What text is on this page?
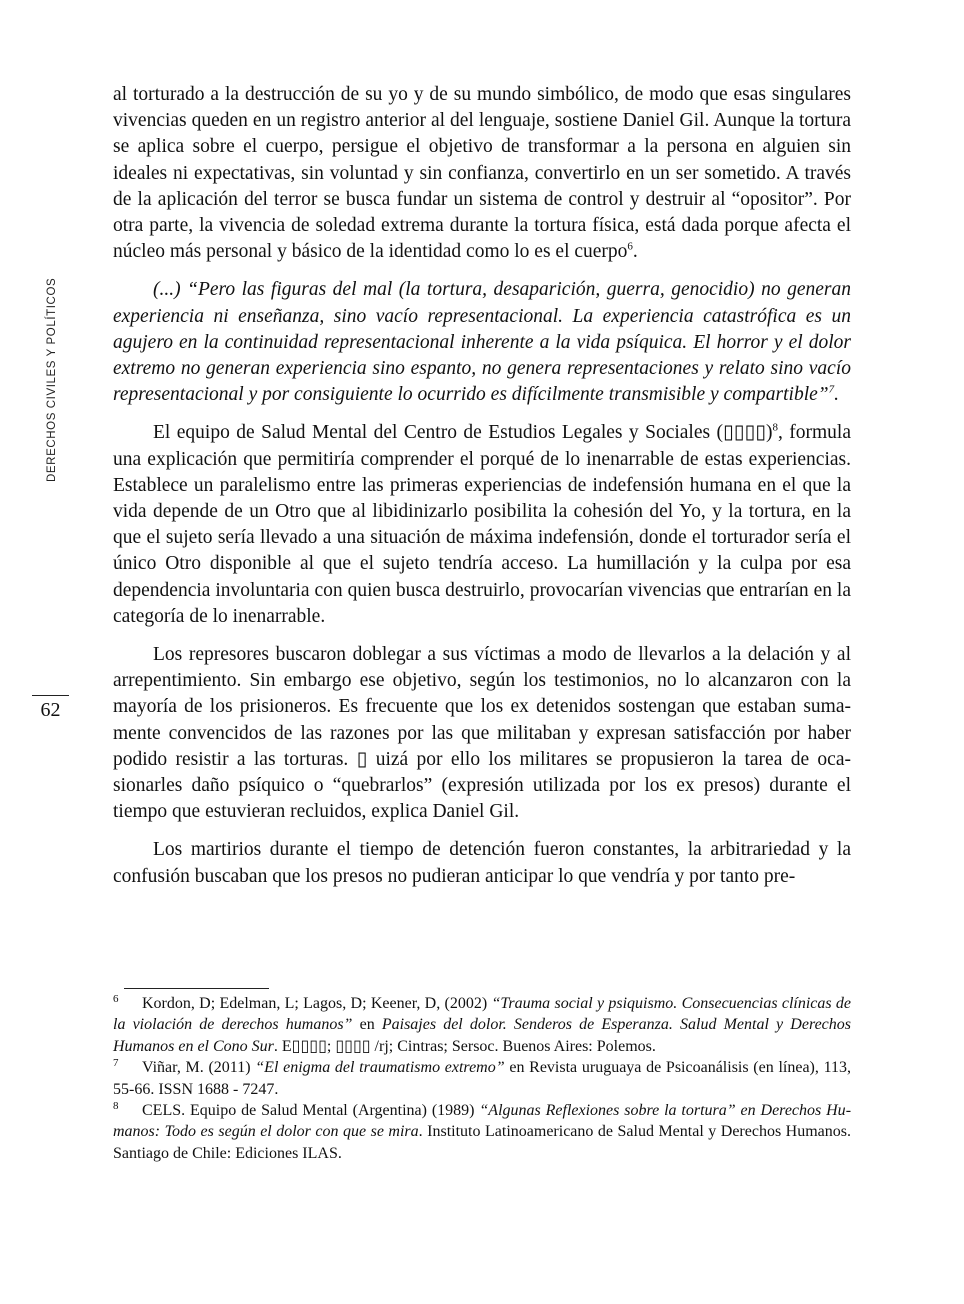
DERECHOS CIVILES Y POLÍTICOS
62

al torturado a la destrucción de su yo y de su mundo simbólico, de modo que esas singulares vivencias queden en un registro anterior al del lenguaje, sostiene Daniel Gil. Aunque la tortura se aplica sobre el cuerpo, persigue el objetivo de transformar a la persona en alguien sin ideales ni expectativas, sin voluntad y sin confianza, convertirlo en un ser sometido. A través de la aplicación del terror se busca fundar un sistema de control y destruir al “opositor”. Por otra parte, la vivencia de soledad extrema durante la tortura física, está dada porque afecta el núcleo más personal y básico de la identidad como lo es el cuerpo$^6$.

(...) “Pero las figuras del mal (la tortura, desaparición, guerra, genocidio) no generan experiencia ni enseñanza, sino vacío representacional. La experiencia catastrófica es un agujero en la continuidad representacional inherente a la vida psíquica. El horror y el dolor extremo no generan experiencia sino espanto, no genera representaciones y relato sino vacío representacional y por consiguiente lo ocurrido es difícilmente transmisible y compartible”$^7$.

El equipo de Salud Mental del Centro de Estudios Legales y Sociales (▯▯▯▯)$^8$, formula una explicación que permitiría comprender el porqué de lo inenarrable de estas experiencias. Establece un paralelismo entre las primeras experiencias de indefensión humana en el que la vida depende de un Otro que al libidinizarlo posibilita la cohesión del Yo, y la tortura, en la que el sujeto sería llevado a una situación de máxima indefensión, donde el torturador sería el único Otro disponible al que el sujeto tendría acceso. La humillación y la culpa por esa dependencia involuntaria con quien busca destruirlo, provocarían vivencias que entrarían en la categoría de lo inenarrable.

Los represores buscaron doblegar a sus víctimas a modo de llevarlos a la delación y al arrepentimiento. Sin embargo ese objetivo, según los testimonios, no lo alcanzaron con la mayoría de los prisioneros. Es frecuente que los ex detenidos sostengan que estaban sumamente convencidos de las razones por las que militaban y expresan satisfacción por haber podido resistir a las torturas. ▯ uizá por ello los militares se propusieron la tarea de ocasionarles daño psíquico o “quebrarlos” (expresión utilizada por los ex presos) durante el tiempo que estuvieran recluidos, explica Daniel Gil.

Los martirios durante el tiempo de detención fueron constantes, la arbitrariedad y la confusión buscaban que los presos no pudieran anticipar lo que vendría y por tanto pre-

6 Kordon, D; Edelman, L; Lagos, D; Keener, D, (2002) “Trauma social y psiquismo. Consecuencias clínicas de la violación de derechos humanos” en Paisajes del dolor. Senderos de Esperanza. Salud Mental y Derechos Humanos en el Cono Sur. E▯▯▯▯; ▯▯▯▯ /rj; Cintras; Sersoc. Buenos Aires: Polemos.

7 Viñar, M. (2011) “El enigma del traumatismo extremo” en Revista uruguaya de Psicoanálisis (en línea), 113, 55-66. ISSN 1688 - 7247.

8 CELS. Equipo de Salud Mental (Argentina) (1989) “Algunas Reflexiones sobre la tortura” en Derechos Humanos: Todo es según el dolor con que se mira. Instituto Latinoamericano de Salud Mental y Derechos Humanos. Santiago de Chile: Ediciones ILAS.
